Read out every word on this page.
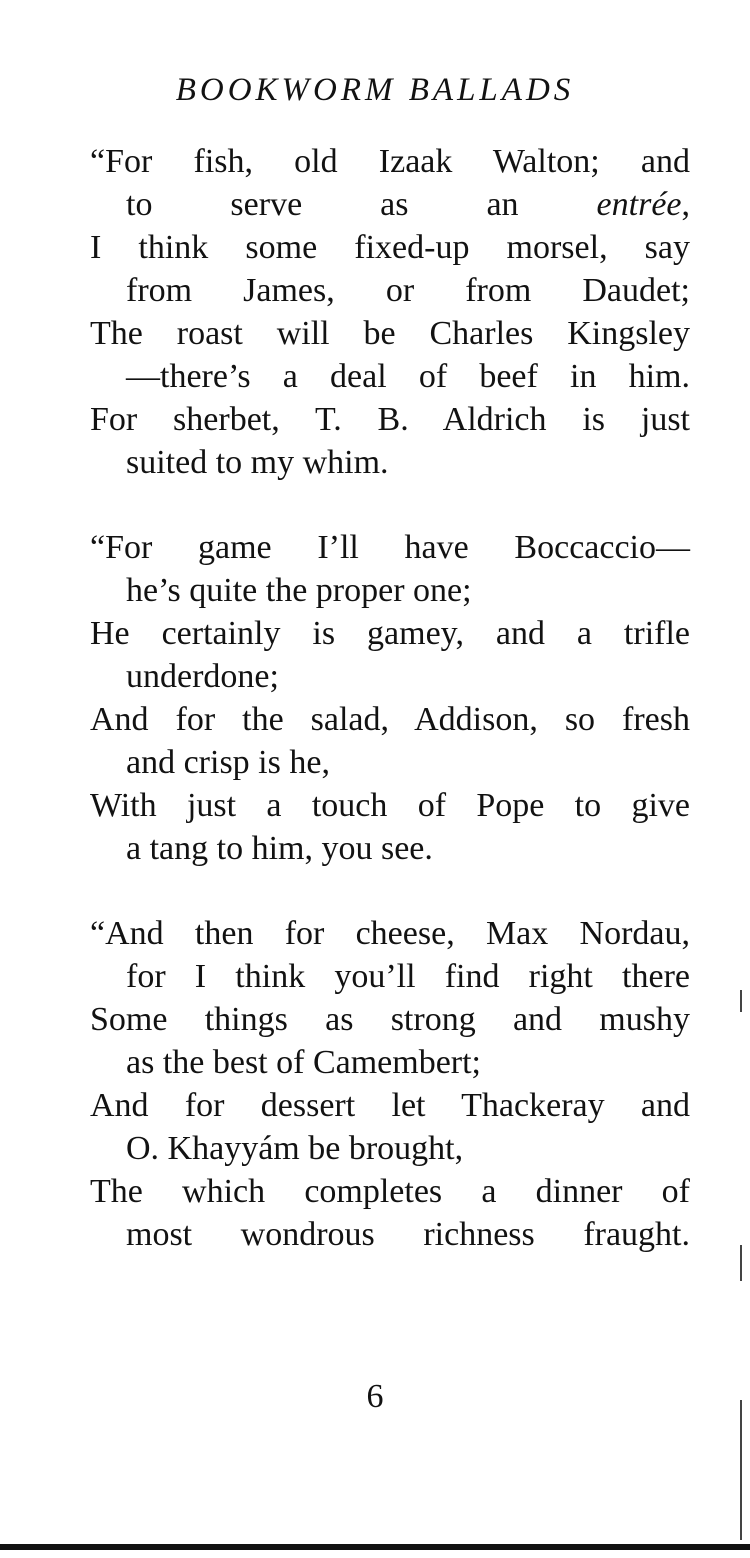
BOOKWORM BALLADS
“For fish, old Izaak Walton; and
to serve as an entrée,
I think some fixed-up morsel, say
from James, or from Daudet;
The roast will be Charles Kingsley
—there’s a deal of beef in him.
For sherbet, T. B. Aldrich is just
suited to my whim.
“For game I’ll have Boccaccio—
he’s quite the proper one;
He certainly is gamey, and a trifle
underdone;
And for the salad, Addison, so fresh
and crisp is he,
With just a touch of Pope to give
a tang to him, you see.
“And then for cheese, Max Nordau,
for I think you’ll find right there
Some things as strong and mushy
as the best of Camembert;
And for dessert let Thackeray and
O. Khayyám be brought,
The which completes a dinner of
most wondrous richness fraught.
6
